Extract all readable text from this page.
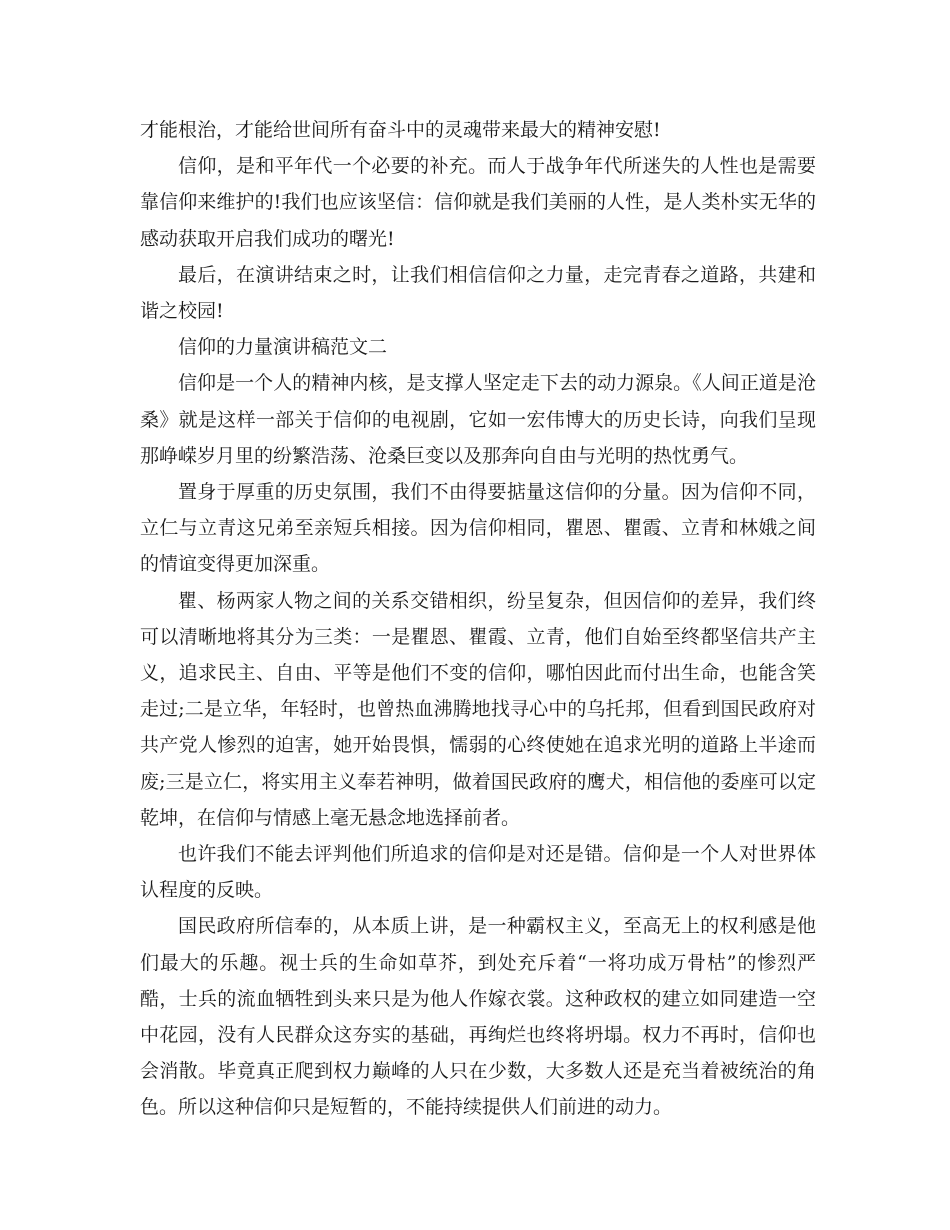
才能根治，才能给世间所有奋斗中的灵魂带来最大的精神安慰!

信仰，是和平年代一个必要的补充。而人于战争年代所迷失的人性也是需要靠信仰来维护的!我们也应该坚信：信仰就是我们美丽的人性，是人类朴实无华的感动获取开启我们成功的曙光!

最后，在演讲结束之时，让我们相信信仰之力量，走完青春之道路，共建和谐之校园!

信仰的力量演讲稿范文二

信仰是一个人的精神内核，是支撑人坚定走下去的动力源泉。《人间正道是沧桑》就是这样一部关于信仰的电视剧，它如一宏伟博大的历史长诗，向我们呈现那峥嵘岁月里的纷繁浩荡、沧桑巨变以及那奔向自由与光明的热忱勇气。

置身于厚重的历史氛围，我们不由得要掂量这信仰的分量。因为信仰不同，立仁与立青这兄弟至亲短兵相接。因为信仰相同，瞿恩、瞿霞、立青和林娥之间的情谊变得更加深重。

瞿、杨两家人物之间的关系交错相织，纷呈复杂，但因信仰的差异，我们终可以清晰地将其分为三类：一是瞿恩、瞿霞、立青，他们自始至终都坚信共产主义，追求民主、自由、平等是他们不变的信仰，哪怕因此而付出生命，也能含笑走过;二是立华，年轻时，也曾热血沸腾地找寻心中的乌托邦，但看到国民政府对共产党人惨烈的迫害，她开始畏惧，懦弱的心终使她在追求光明的道路上半途而废;三是立仁，将实用主义奉若神明，做着国民政府的鹰犬，相信他的委座可以定乾坤，在信仰与情感上毫无悬念地选择前者。

也许我们不能去评判他们所追求的信仰是对还是错。信仰是一个人对世界体认程度的反映。

国民政府所信奉的，从本质上讲，是一种霸权主义，至高无上的权利感是他们最大的乐趣。视士兵的生命如草芥，到处充斥着“一将功成万骨枯”的惨烈严酷，士兵的流血牺牲到头来只是为他人作嫁衣裳。这种政权的建立如同建造一空中花园，没有人民群众这夯实的基础，再绚烂也终将坍塌。权力不再时，信仰也会消散。毕竟真正爬到权力巅峰的人只在少数，大多数人还是充当着被统治的角色。所以这种信仰只是短暂的，不能持续提供人们前进的动力。
